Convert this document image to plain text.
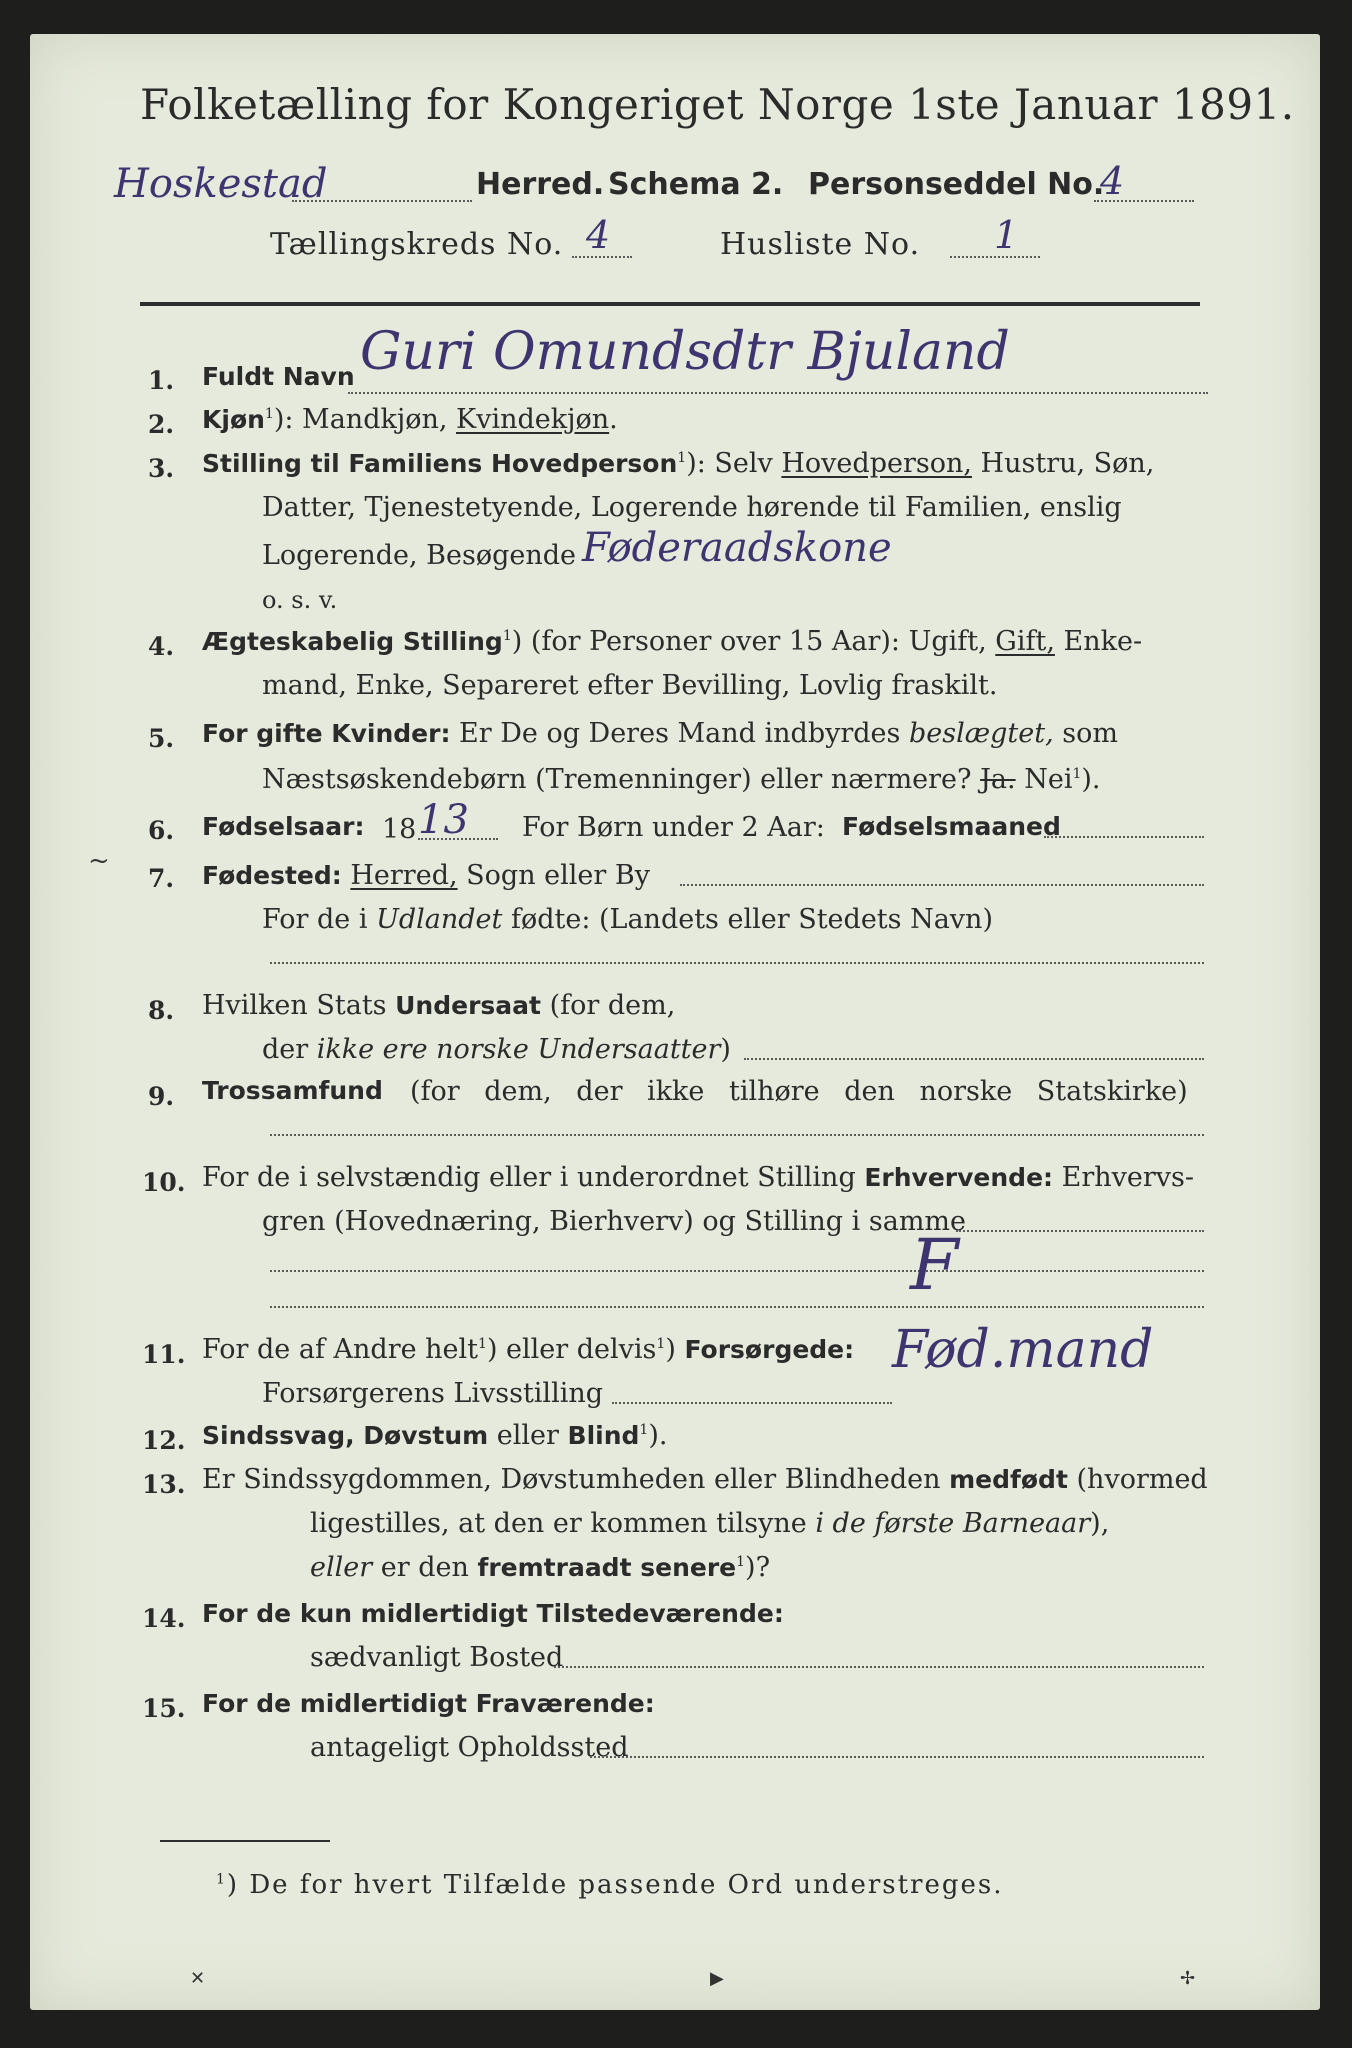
Folketælling for Kongeriget Norge 1ste Januar 1891.
Hoskestad	Herred. Schema 2. Personseddel No.
4
Tællingskreds No. 4	Husliste No. 1
1. Fuldt Navn Guri Omundsdtr Bjuland
2. Kjøn$^1$): Mandkjøn, Kvindekjøn.
3. Stilling til Familiens Hovedperson$^1$): Selv Hovedperson, Hustru, Søn,
Datter, Tjenestetyende, Logerende hørende til Familien, enslig
Logerende, Besøgende Føderaadskone
o. s. v.
4. Ægteskabelig Stilling$^1$) (for Personer over 15 Aar): Ugift, Gift, Enke-
mand, Enke, Separeret efter Bevilling, Lovlig fraskilt.
5. For gifte Kvinder: Er De og Deres Mand indbyrdes beslægtet, som
Næstsøskendebørn (Tremenninger) eller nærmere? Ja. Nei$^1$).
6. Fødselsaar: 18 13 For Børn under 2 Aar: Fødselsmaaned
7. Fødested: Herred, Sogn eller By
For de i Udlandet fødte: (Landets eller Stedets Navn)
~
8. Hvilken Stats Undersaat (for dem,
der ikke ere norske Undersaatter)
9. Trossamfund (for dem, der ikke tilhøre den norske Statskirke)
10. For de i selvstændig eller i underordnet Stilling Erhvervende: Erhvervs-
gren (Hovednæring, Bierhverv) og Stilling i samme
F
11. For de af Andre helt$^1$) eller delvis$^1$) Forsørgede: Fød.mand
Forsørgerens Livsstilling
12. Sindssvag, Døvstum eller Blind$^1$).
13. Er Sindssygdommen, Døvstumheden eller Blindheden medfødt (hvormed
ligestilles, at den er kommen tilsyne i de første Barneaar),
eller er den fremtraadt senere$^1$)?
14. For de kun midlertidigt Tilstedeværende:
sædvanligt Bosted
15. For de midlertidigt Fraværende:
antageligt Opholdssted
$^1$) De for hvert Tilfælde passende Ord understreges.
✕	▶	✢
